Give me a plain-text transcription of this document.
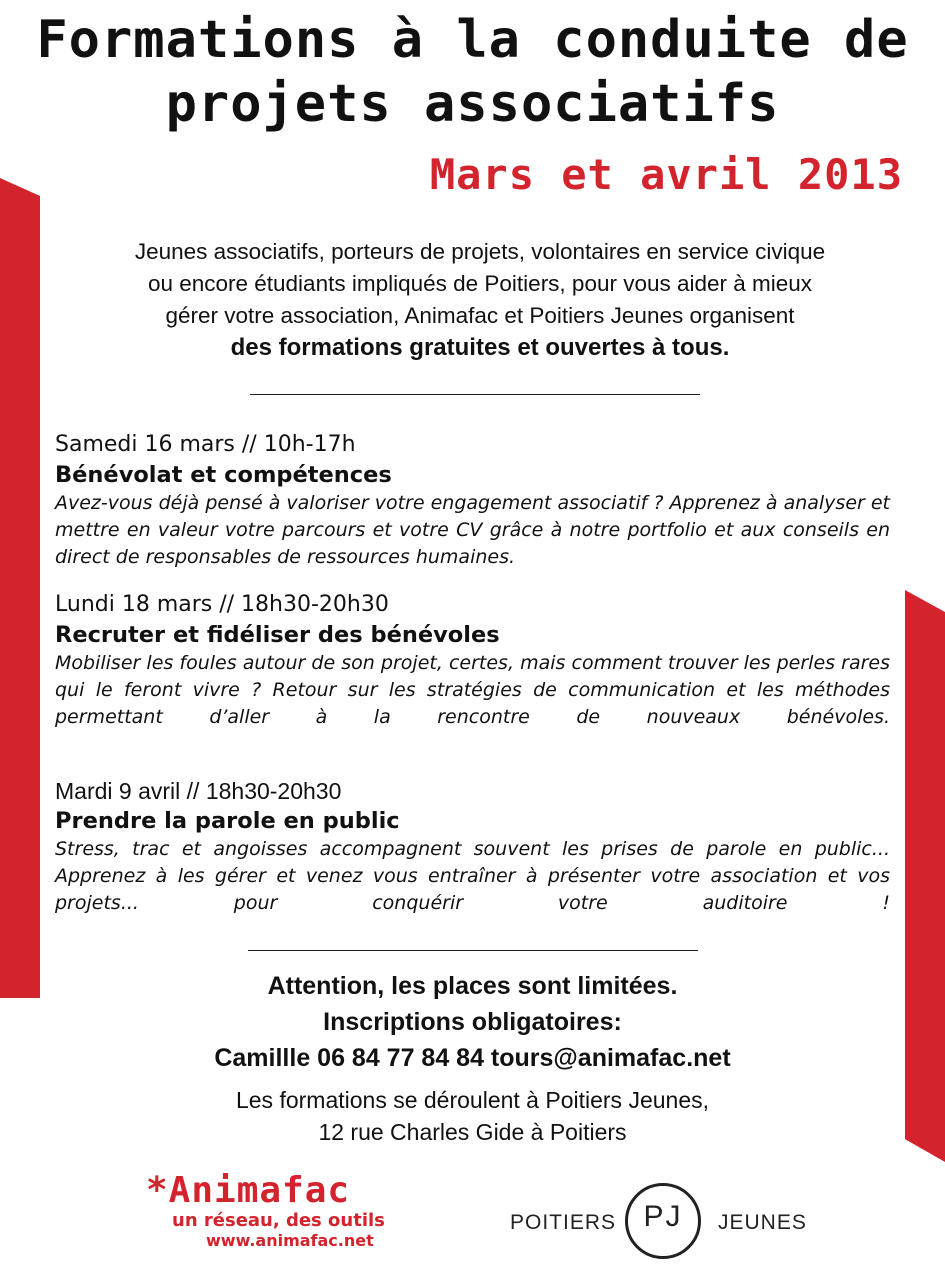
Formations à la conduite de
projets associatifs
Mars et avril 2013
Jeunes associatifs, porteurs de projets, volontaires en service civique
ou encore étudiants impliqués de Poitiers, pour vous aider à mieux
gérer votre association, Animafac et Poitiers Jeunes organisent
des formations gratuites et ouvertes à tous.
Samedi 16 mars // 10h-17h
Bénévolat et compétences
Avez-vous déjà pensé à valoriser votre engagement associatif ? Apprenez à analyser et mettre en valeur votre parcours et votre CV grâce à notre portfolio et aux conseils en direct de responsables de ressources humaines.
Lundi 18 mars // 18h30-20h30
Recruter et fidéliser des bénévoles
Mobiliser les foules autour de son projet, certes, mais comment trouver les perles rares qui le feront vivre ? Retour sur les stratégies de communication et les méthodes permettant d’aller à la rencontre de nouveaux bénévoles.
Mardi 9 avril // 18h30-20h30
Prendre la parole en public
Stress, trac et angoisses accompagnent souvent les prises de parole en public... Apprenez à les gérer et venez vous entraîner à présenter votre association et vos projets... pour conquérir votre auditoire !
Attention, les places sont limitées.
Inscriptions obligatoires:
Camillle 06 84 77 84 84 tours@animafac.net
Les formations se déroulent à Poitiers Jeunes,
12 rue Charles Gide à Poitiers
*Animafac
un réseau, des outils
www.animafac.net
POITIERS PJ	JEUNES
